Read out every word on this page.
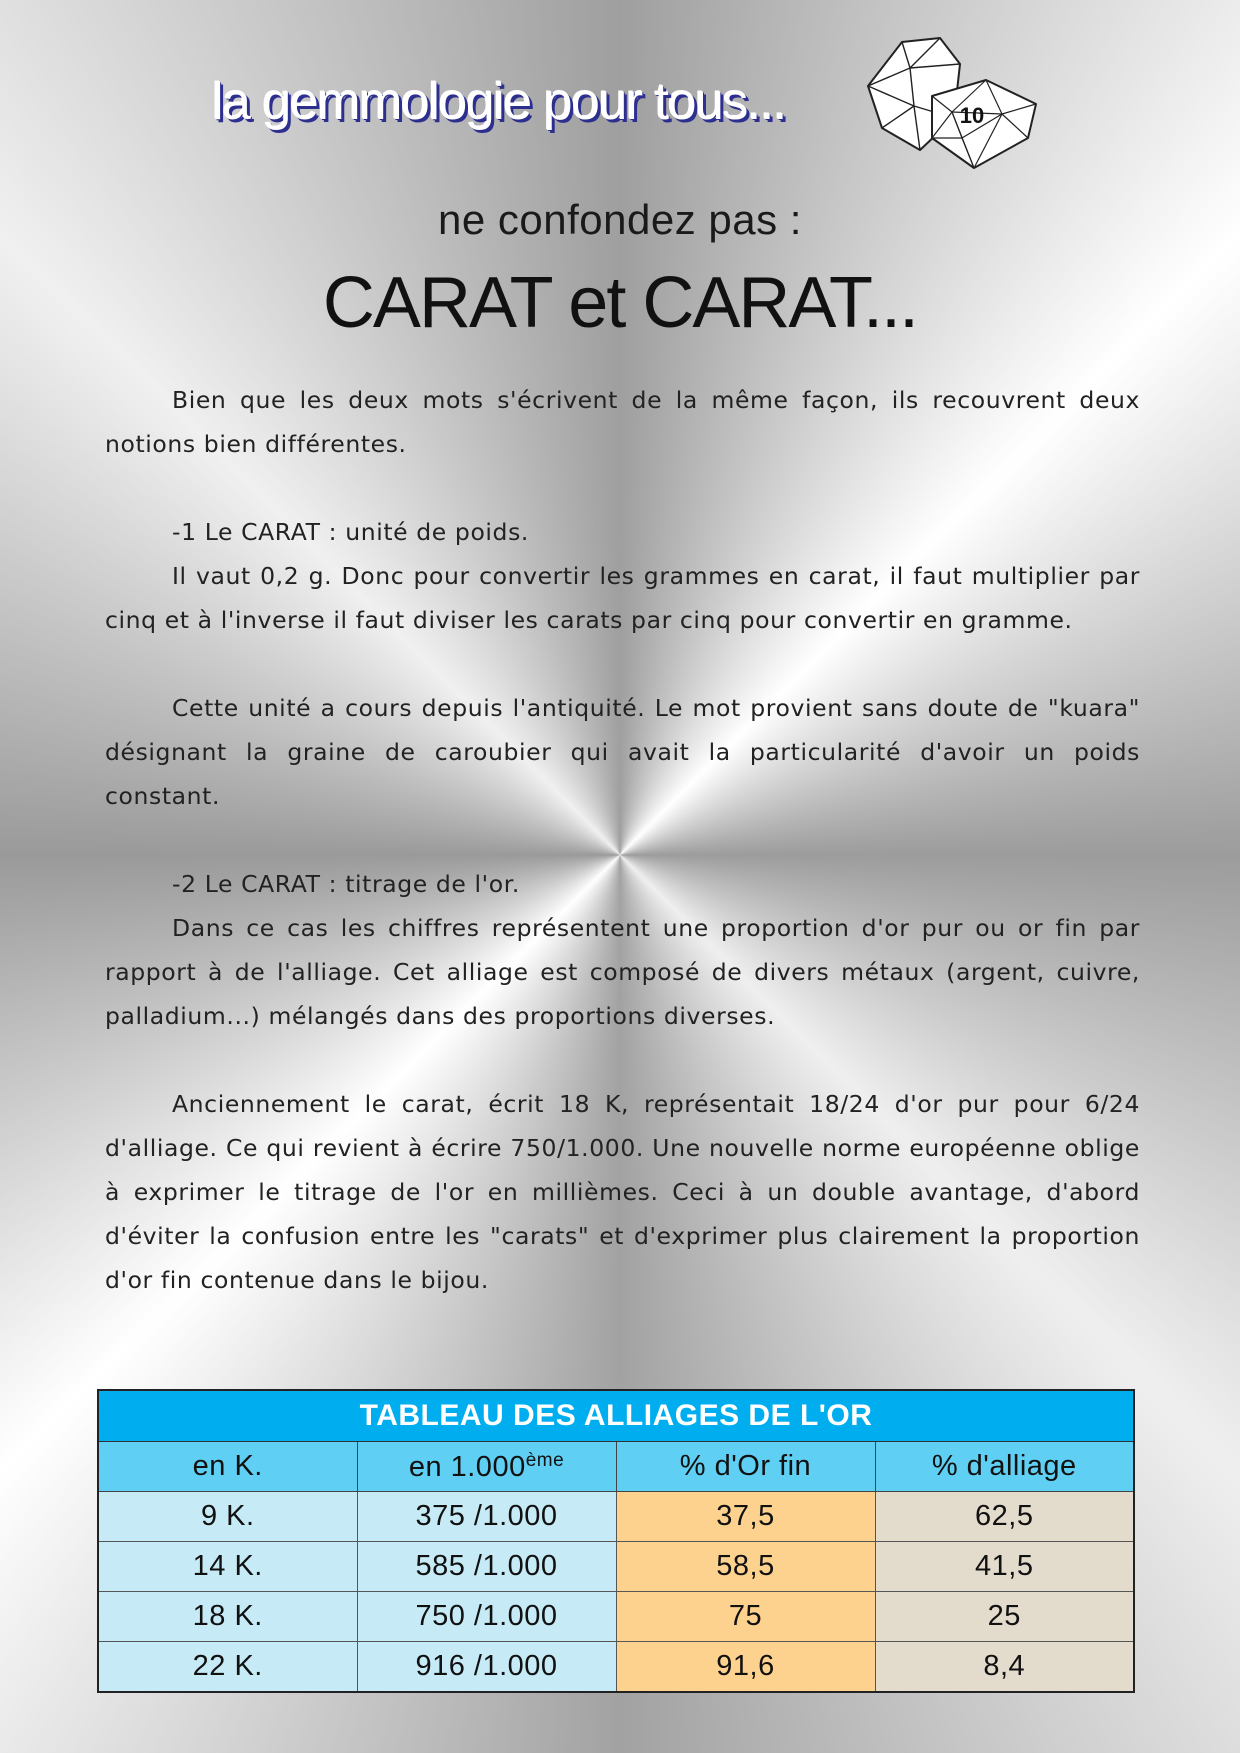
la gemmologie pour tous...	10
ne confondez pas :
CARAT et CARAT...

Bien que les deux mots s'écrivent de la même façon, ils recouvrent deux notions bien différentes.

-1 Le CARAT : unité de poids.

Il vaut 0,2 g. Donc pour convertir les grammes en carat, il faut multiplier par cinq et à l'inverse il faut diviser les carats par cinq pour convertir en gramme.

Cette unité a cours depuis l'antiquité. Le mot provient sans doute de "kuara" désignant la graine de caroubier qui avait la particularité d'avoir un poids constant.

-2 Le CARAT : titrage de l'or.

Dans ce cas les chiffres représentent une proportion d'or pur ou or fin par rapport à de l'alliage. Cet alliage est composé de divers métaux (argent, cuivre, palladium...) mélangés dans des proportions diverses.

Anciennement le carat, écrit 18 K, représentait 18/24 d'or pur pour 6/24 d'alliage. Ce qui revient à écrire 750/1.000. Une nouvelle norme européenne oblige à exprimer le titrage de l'or en millièmes. Ceci à un double avantage, d'abord d'éviter la confusion entre les "carats" et d'exprimer plus clairement la proportion d'or fin contenue dans le bijou.

TABLEAU DES ALLIAGES DE L'OR			
en K.	en 1.000ème	% d'Or fin	% d'alliage
9 K.	375 /1.000	37,5	62,5
14 K.	585 /1.000	58,5	41,5
18 K.	750 /1.000	75	25
22 K.	916 /1.000	91,6	8,4
